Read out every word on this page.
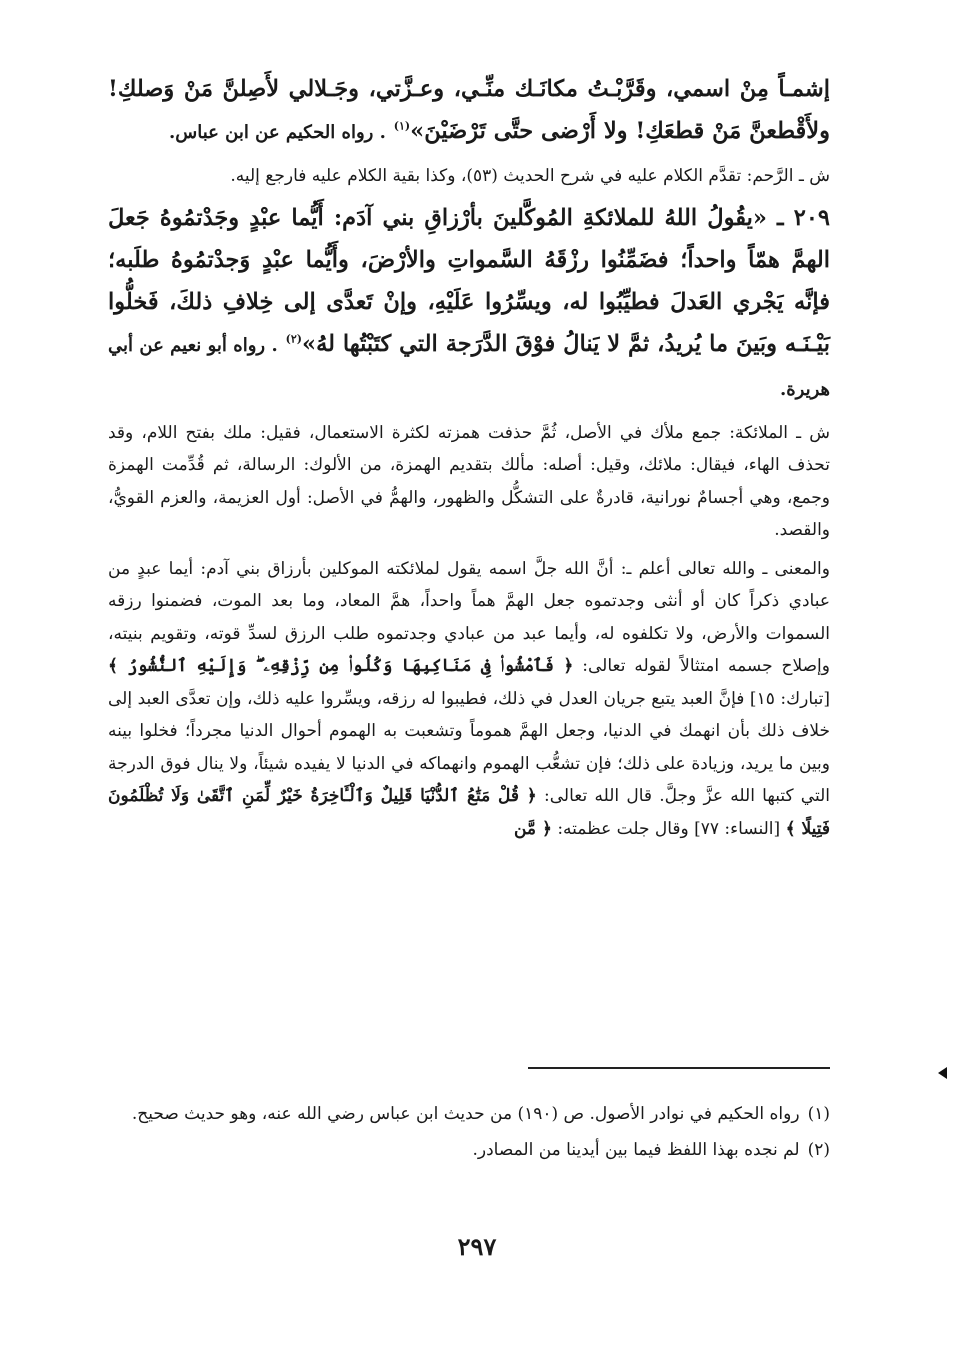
إشمـاً مِنْ اسمي، وقَرَّبْـتُ مكانَـك منِّـي، وعـزَّتي، وجَـلالي لأَصِلنَّ مَنْ وَصلكِ! ولأَقْطعنَّ مَنْ قطعَكِ! ولا أَرْضى حتَّى تَرْضَيْنَ»$^{(١)}$ . رواه الحكيم عن ابن عباس.

ش ـ الرَّحم: تقدَّم الكلام عليه في شرح الحديث (٥٣)، وكذا بقية الكلام عليه فارجع إليه.

٢٠٩ ـ «يقُولُ اللهُ للملائكةِ المُوكَّلينَ بأرْزاقِ بني آدَم: أَيُّما عبْدٍ وجَدْتمُوهُ جَعلَ الهمَّ همّاً واحداً؛ فضَمِّنُوا رزْقَهُ السَّمواتِ والأرْضَ، وأَيُّما عبْدٍ وَجدْتمُوهُ طلَبه؛ فإنَّه يَجْري العَدلَ فطيِّبُوا له، ويسِّرُوا عَلَيْهِ، وإنْ تَعدَّى إلى خِلافِ ذلكَ، فَخلُّوا بَيْـنَـه وبَينَ ما يُريدُ، ثمَّ لا يَنالُ فوْقَ الدَّرَجة التي كتَبْتُها لهُ»$^{(٢)}$ . رواه أبو نعيم عن أبي هريرة.

ش ـ الملائكة: جمع ملأك في الأصل، ثُمَّ حذفت همزته لكثرة الاستعمال، فقيل: ملك بفتح اللام، وقد تحذف الهاء، فيقال: ملائك، وقيل: أصله: مألك بتقديم الهمزة، من الألوك: الرسالة، ثم قُدِّمت الهمزة وجمع، وهي أجسامٌ نورانية، قادرةٌ على التشكُّل والظهور، والهمُّ في الأصل: أول العزيمة، والعزم القويُّ، والقصد.

والمعنى ـ والله تعالى أعلم ـ: أنَّ الله جلَّ اسمه يقول لملائكته الموكلين بأرزاق بني آدم: أيما عبدٍ من عبادي ذكراً كان أو أنثى وجدتموه جعل الهمَّ هماً واحداً، همَّ المعاد، وما بعد الموت، فضمنوا رزقه السموات والأرض، ولا تكلفوه له، وأيما عبد من عبادي وجدتموه طلب الرزق لسدِّ قوته، وتقويم بنيته، وإصلاح جسمه امتثالاً لقوله تعالى: ﴿ فَٱمْشُوا۟ فِى مَنَاكِبِهَا وَكُلُوا۟ مِن رِّزْقِهِۦ ۖ وَإِلَيْهِ ٱلنُّشُورُ ﴾ [تبارك: ١٥] فإنَّ العبد يتبع جريان العدل في ذلك، فطيبوا له رزقه، ويسِّروا عليه ذلك، وإن تعدَّى العبد إلى خلاف ذلك بأن انهمك في الدنيا، وجعل الهمَّ هموماً وتشعبت به الهموم أحوال الدنيا مجرداً؛ فخلوا بينه وبين ما يريد، وزيادة على ذلك؛ فإن تشعُّب الهموم وانهماكه في الدنيا لا يفيده شيئاً، ولا ينال فوق الدرجة التي كتبها الله عزَّ وجلَّ. قال الله تعالى: ﴿ قُلْ مَتَٰعُ ٱلدُّنْيَا قَلِيلٌ وَٱلْـَٔاخِرَةُ خَيْرٌ لِّمَنِ ٱتَّقَىٰ وَلَا تُظْلَمُونَ فَتِيلًا ﴾ [النساء: ٧٧] وقال جلت عظمته: ﴿ مَّن

(١)رواه الحكيم في نوادر الأصول. ص (١٩٠) من حديث ابن عباس رضي الله عنه، وهو حديث صحيح.

(٢)لم نجده بهذا اللفظ فيما بين أيدينا من المصادر.

٢٩٧
